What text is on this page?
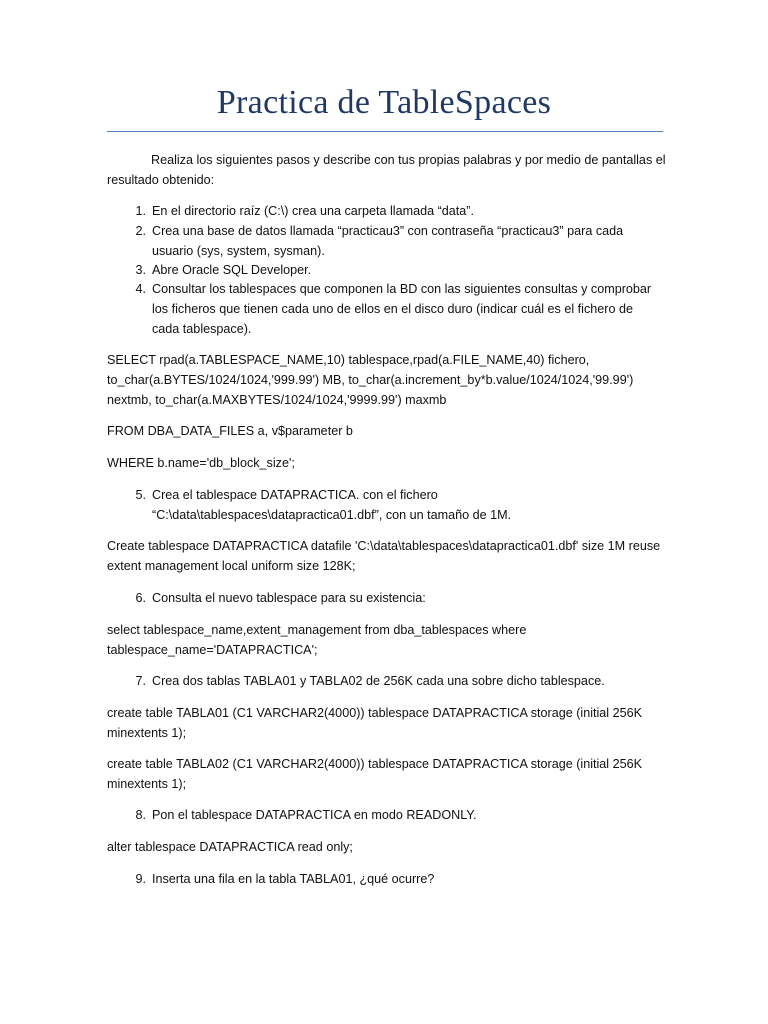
Practica de TableSpaces

Realiza los siguientes pasos y describe con tus propias palabras y por medio de pantallas el resultado obtenido:

1. En el directorio raíz (C:\) crea una carpeta llamada “data”.
2. Crea una base de datos llamada “practicau3” con contraseña “practicau3” para cada usuario (sys, system, sysman).
3. Abre Oracle SQL Developer.
4. Consultar los tablespaces que componen la BD con las siguientes consultas y comprobar los ficheros que tienen cada uno de ellos en el disco duro (indicar cuál es el fichero de cada tablespace).

SELECT rpad(a.TABLESPACE_NAME,10) tablespace,rpad(a.FILE_NAME,40) fichero, to_char(a.BYTES/1024/1024,'999.99') MB, to_char(a.increment_by*b.value/1024/1024,'99.99') nextmb, to_char(a.MAXBYTES/1024/1024,'9999.99') maxmb

FROM DBA_DATA_FILES a, v$parameter b

WHERE b.name='db_block_size';

5. Crea el tablespace DATAPRACTICA. con el fichero “C:\data\tablespaces\datapractica01.dbf”, con un tamaño de 1M.

Create tablespace DATAPRACTICA datafile 'C:\data\tablespaces\datapractica01.dbf' size 1M reuse extent management local uniform size 128K;

6. Consulta el nuevo tablespace para su existencia:

select tablespace_name,extent_management from dba_tablespaces where tablespace_name='DATAPRACTICA';

7. Crea dos tablas TABLA01 y TABLA02 de 256K cada una sobre dicho tablespace.

create table TABLA01 (C1 VARCHAR2(4000)) tablespace DATAPRACTICA storage (initial 256K minextents 1);

create table TABLA02 (C1 VARCHAR2(4000)) tablespace DATAPRACTICA storage (initial 256K minextents 1);

8. Pon el tablespace DATAPRACTICA en modo READONLY.

alter tablespace DATAPRACTICA read only;

9. Inserta una fila en la tabla TABLA01, ¿qué ocurre?
